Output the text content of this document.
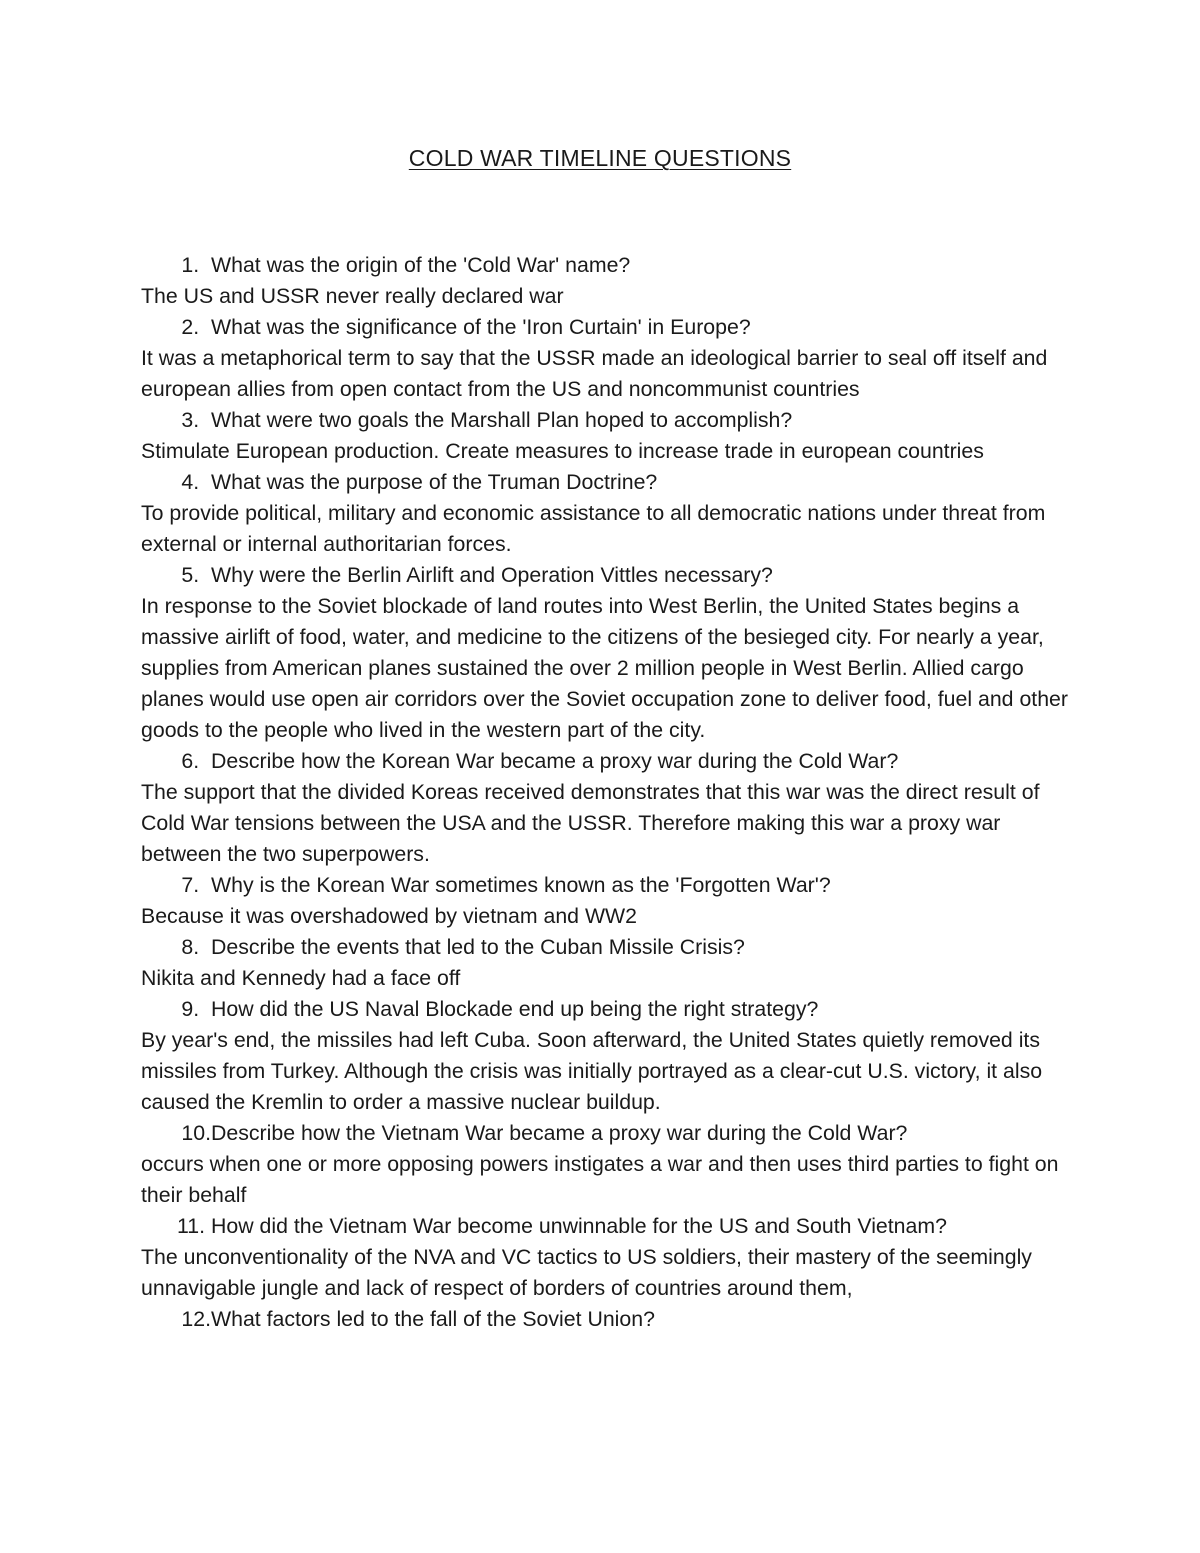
COLD WAR TIMELINE QUESTIONS
1. What was the origin of the 'Cold War' name?
The US and USSR never really declared war
2. What was the significance of the 'Iron Curtain' in Europe?
It was a metaphorical term to say that the USSR made an ideological barrier to seal off itself and european allies from open contact from the US and noncommunist countries
3. What were two goals the Marshall Plan hoped to accomplish?
Stimulate European production. Create measures to increase trade in european countries
4. What was the purpose of the Truman Doctrine?
To provide political, military and economic assistance to all democratic nations under threat from external or internal authoritarian forces.
5. Why were the Berlin Airlift and Operation Vittles necessary?
In response to the Soviet blockade of land routes into West Berlin, the United States begins a massive airlift of food, water, and medicine to the citizens of the besieged city. For nearly a year, supplies from American planes sustained the over 2 million people in West Berlin. Allied cargo planes would use open air corridors over the Soviet occupation zone to deliver food, fuel and other goods to the people who lived in the western part of the city.
6. Describe how the Korean War became a proxy war during the Cold War?
The support that the divided Koreas received demonstrates that this war was the direct result of Cold War tensions between the USA and the USSR. Therefore making this war a proxy war between the two superpowers.
7. Why is the Korean War sometimes known as the 'Forgotten War'?
Because it was overshadowed by vietnam and WW2
8. Describe the events that led to the Cuban Missile Crisis?
Nikita and Kennedy had a face off
9. How did the US Naval Blockade end up being the right strategy?
By year's end, the missiles had left Cuba. Soon afterward, the United States quietly removed its missiles from Turkey. Although the crisis was initially portrayed as a clear-cut U.S. victory, it also caused the Kremlin to order a massive nuclear buildup.
10. Describe how the Vietnam War became a proxy war during the Cold War?
occurs when one or more opposing powers instigates a war and then uses third parties to fight on their behalf
11. How did the Vietnam War become unwinnable for the US and South Vietnam?
The unconventionality of the NVA and VC tactics to US soldiers, their mastery of the seemingly unnavigable jungle and lack of respect of borders of countries around them,
12. What factors led to the fall of the Soviet Union?
